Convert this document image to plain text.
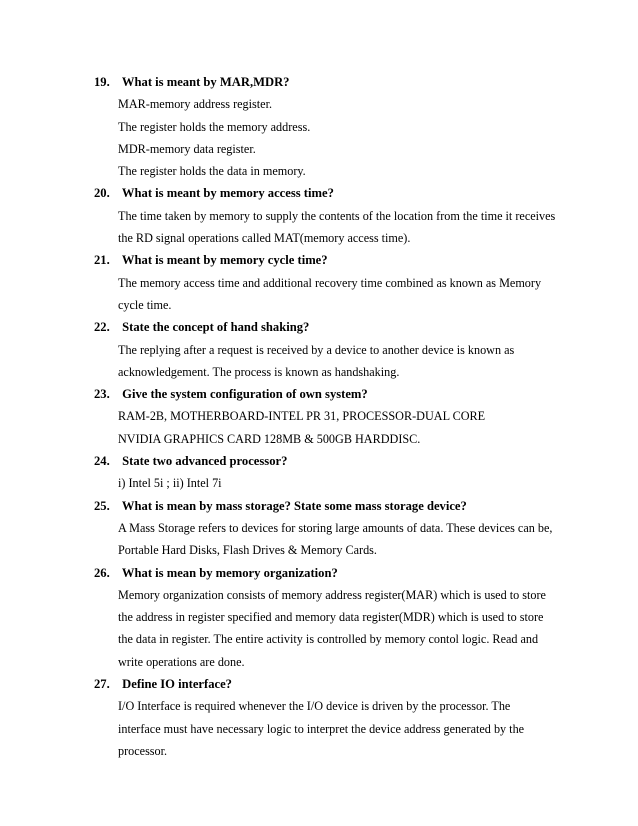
19. What is meant by MAR,MDR?
MAR-memory address register.
The register holds the memory address.
MDR-memory data register.
The register holds the data in memory.
20. What is meant by memory access time?
The time taken by memory to supply the contents of the location from the time it receives
the RD signal operations called MAT(memory access time).
21. What is meant by memory cycle time?
The memory access time and additional recovery time combined as known as Memory
cycle time.
22. State the concept of hand shaking?
The replying after a request is received by a device to another device is known as
acknowledgement. The process is known as handshaking.
23. Give the system configuration of own system?
RAM-2B, MOTHERBOARD-INTEL PR 31, PROCESSOR-DUAL CORE
NVIDIA GRAPHICS CARD 128MB & 500GB HARDDISC.
24. State two advanced processor?
i) Intel 5i ; ii) Intel 7i
25. What is mean by mass storage? State some mass storage device?
A Mass Storage refers to devices for storing large amounts of data. These devices can be,
Portable Hard Disks, Flash Drives & Memory Cards.
26. What is mean by memory organization?
Memory organization consists of memory address register(MAR) which is used to store
the address in register specified and memory data register(MDR) which is used to store
the data in register. The entire activity is controlled by memory contol logic. Read and
write operations are done.
27. Define IO interface?
I/O Interface is required whenever the I/O device is driven by the processor. The
interface must have necessary logic to interpret the device address generated by the
processor.
